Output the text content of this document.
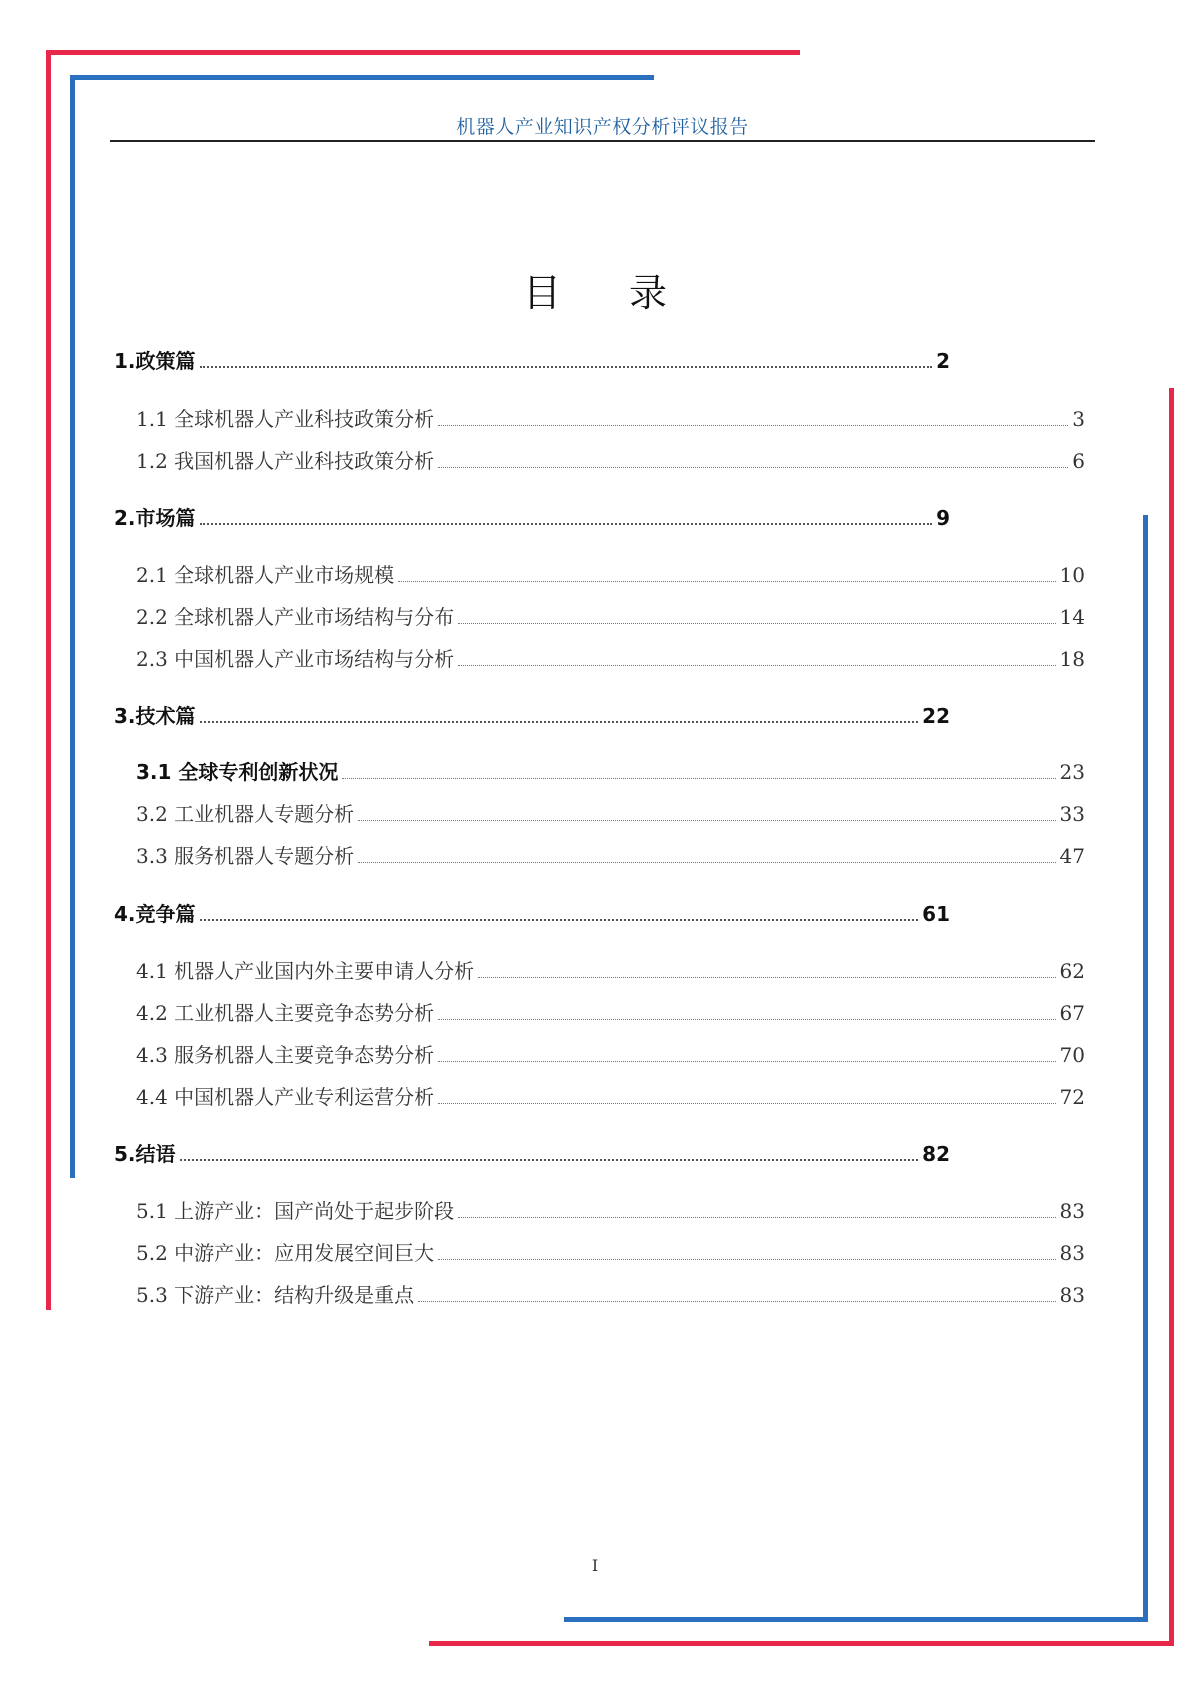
机器人产业知识产权分析评议报告
目 录
1.政策篇	2
1.1 全球机器人产业科技政策分析	3
1.2 我国机器人产业科技政策分析	6
2.市场篇	9
2.1 全球机器人产业市场规模	10
2.2 全球机器人产业市场结构与分布	14
2.3 中国机器人产业市场结构与分析	18
3.技术篇	22
3.1 全球专利创新状况	23
3.2 工业机器人专题分析	33
3.3 服务机器人专题分析	47
4.竞争篇	61
4.1 机器人产业国内外主要申请人分析	62
4.2 工业机器人主要竞争态势分析	67
4.3 服务机器人主要竞争态势分析	70
4.4 中国机器人产业专利运营分析	72
5.结语	82
5.1 上游产业：国产尚处于起步阶段	83
5.2 中游产业：应用发展空间巨大	83
5.3 下游产业：结构升级是重点	83
I
